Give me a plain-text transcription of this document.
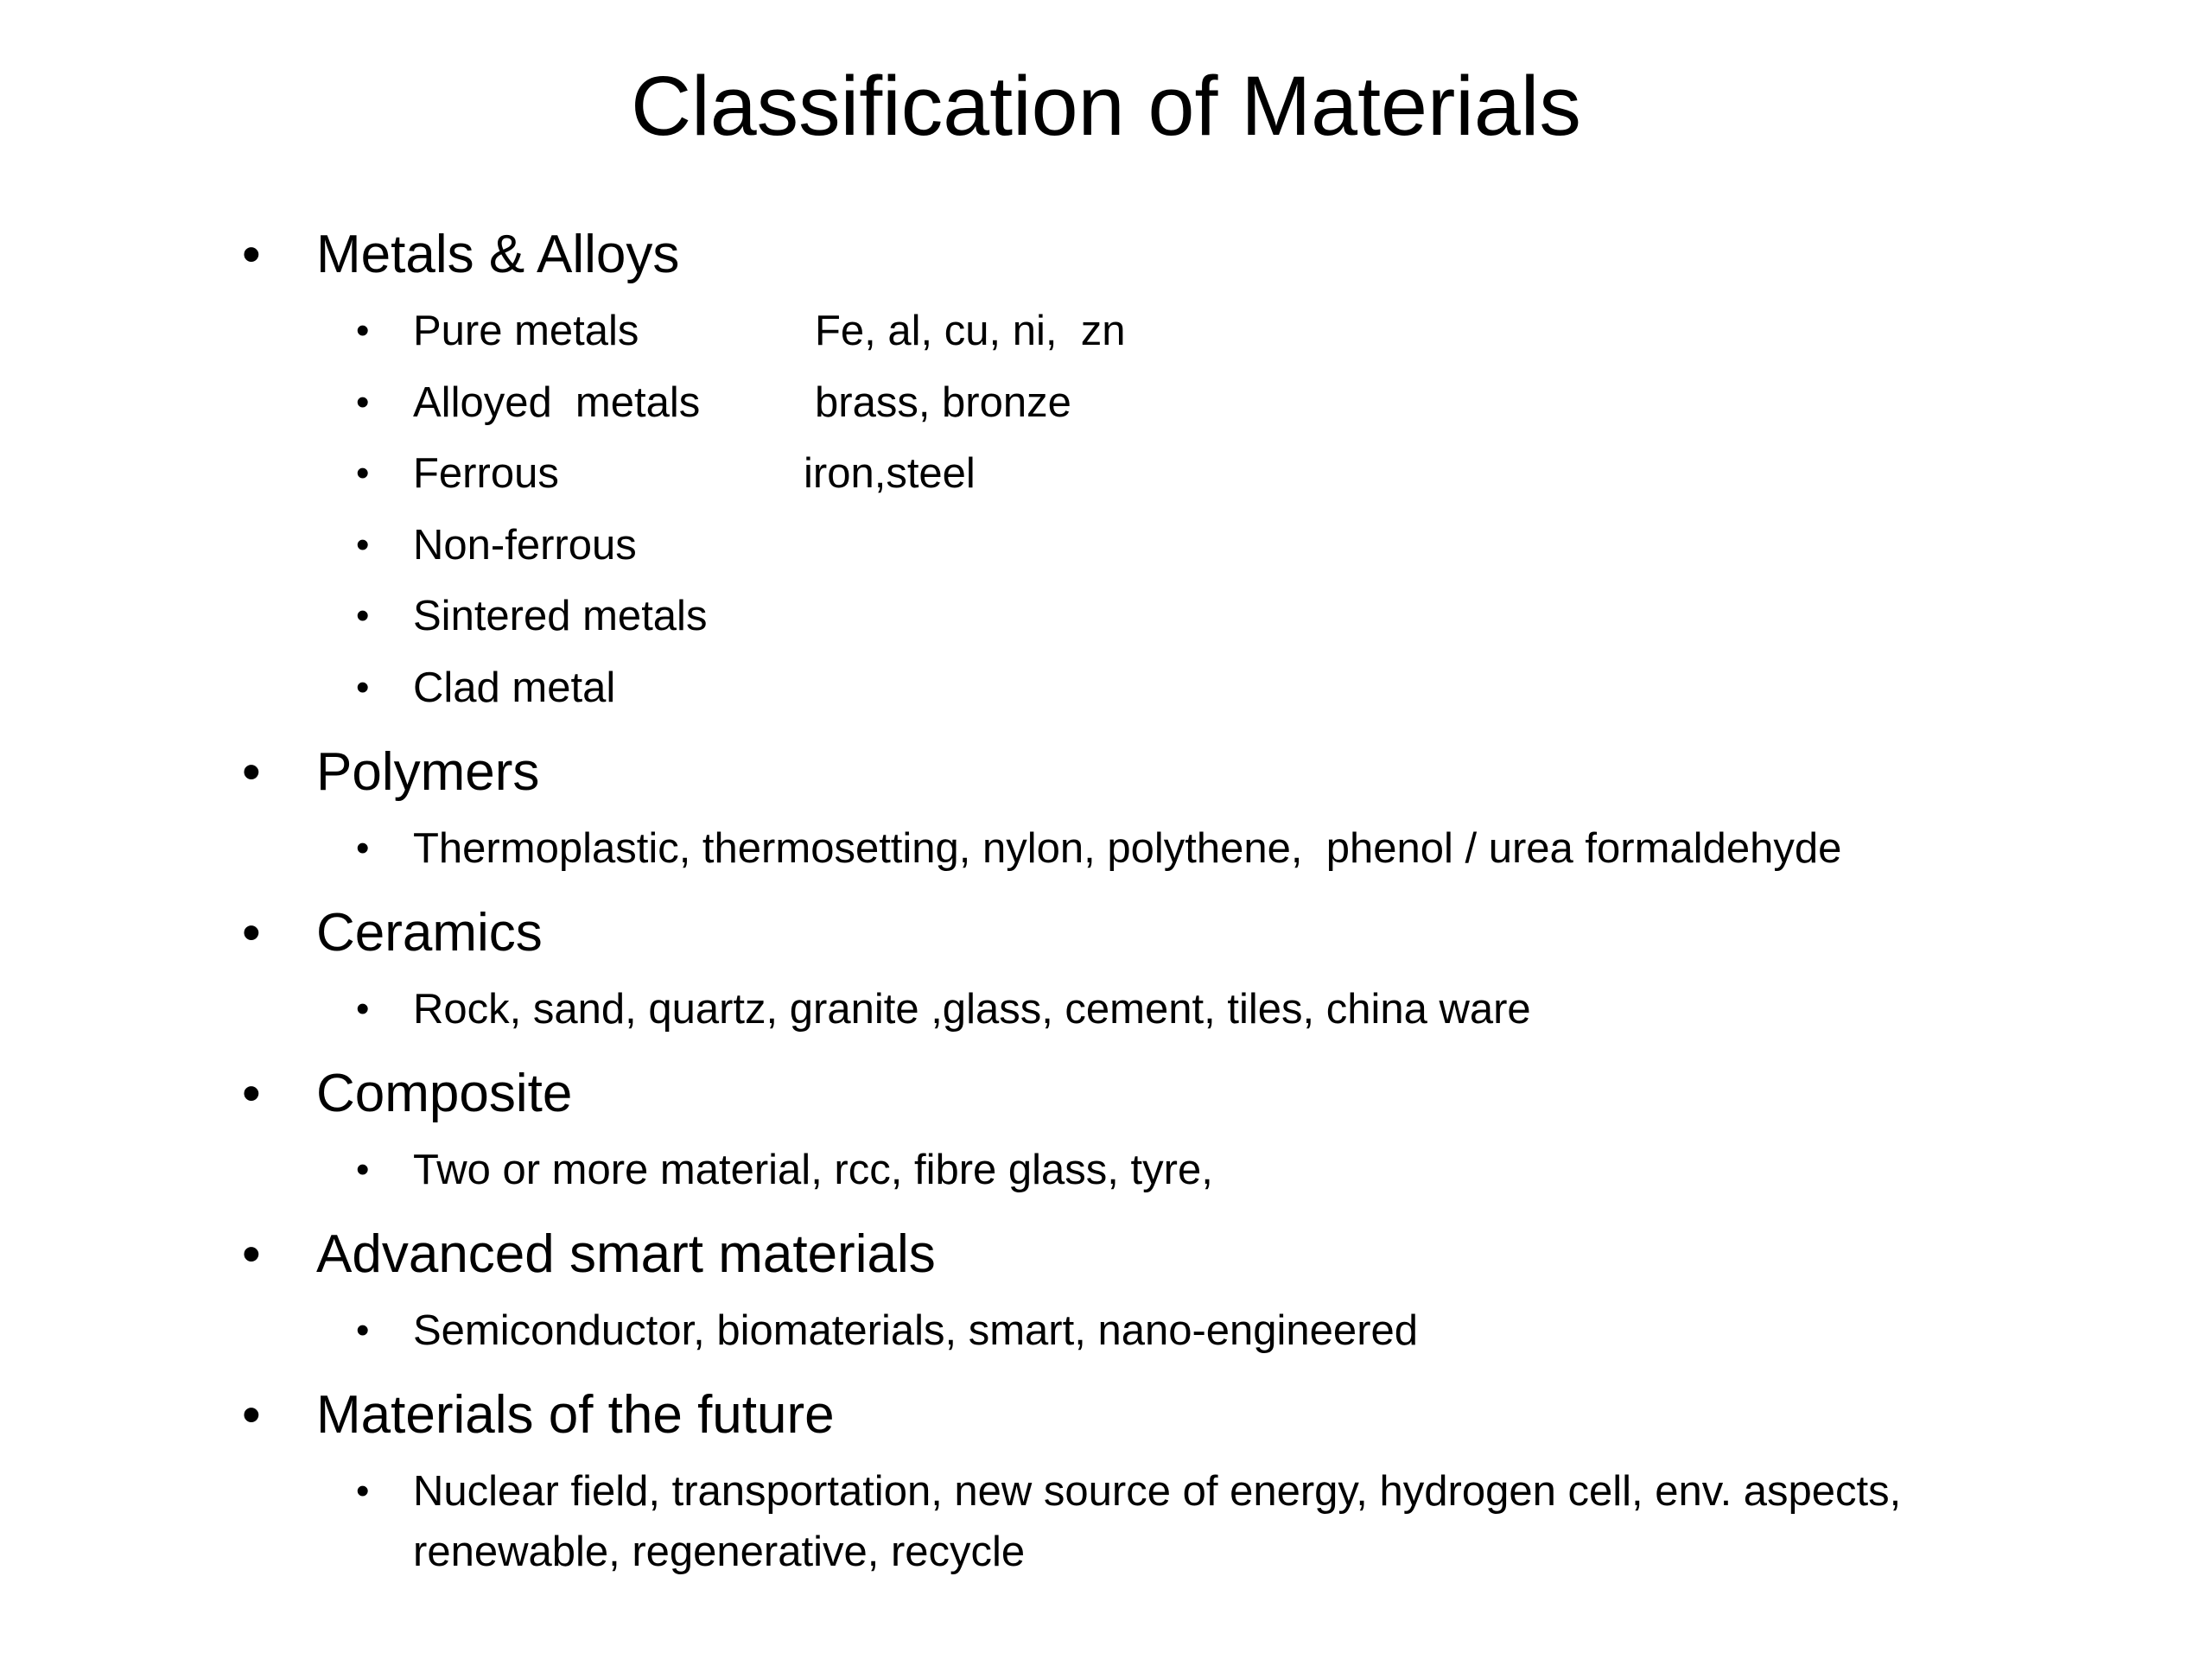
Classification of Materials
• Metals & Alloys
• Pure metals	Fe, al, cu, ni,  zn
• Alloyed  metals	brass, bronze
• Ferrous	iron,steel
• Non-ferrous
• Sintered metals
• Clad metal
• Polymers
• Thermoplastic, thermosetting, nylon, polythene,  phenol / urea formaldehyde
• Ceramics
• Rock, sand, quartz, granite ,glass, cement, tiles, china ware
• Composite
• Two or more material, rcc, fibre glass, tyre,
• Advanced smart materials
• Semiconductor, biomaterials, smart, nano-engineered
• Materials of the future
• Nuclear field, transportation, new source of energy, hydrogen cell, env. aspects, renewable, regenerative, recycle
